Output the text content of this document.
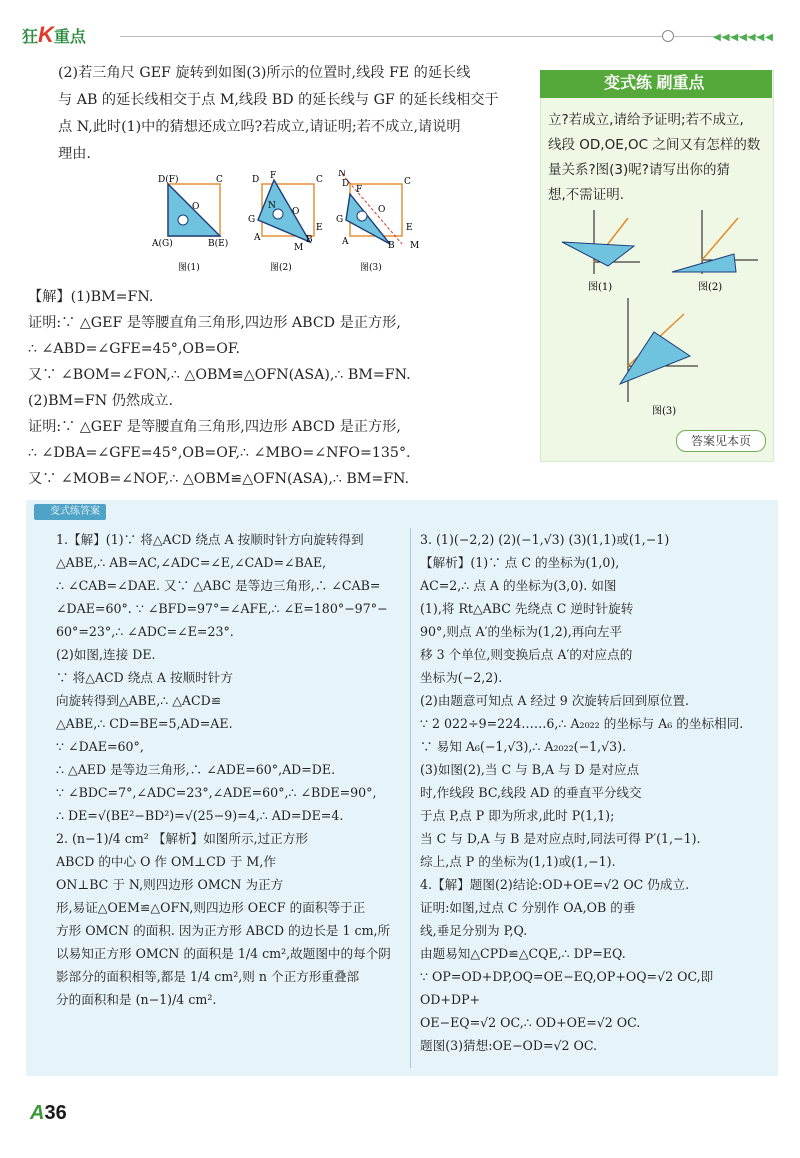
狂K重点	◀◀◀◀◀◀◀

(2)若三角尺 GEF 旋转到如图(3)所示的位置时,线段 FE 的延长线

与 AB 的延长线相交于点 M,线段 BD 的延长线与 GF 的延长线相交于

点 N,此时(1)中的猜想还成立吗?若成立,请证明;若不成立,请说明

理由.

D(F)	C
O
A(G)	B(E)
图(1)
F
G
N
O
A	B
E
M
D	C
图(2)
N
D	C
F
O
G
A	B
E
M
图(3)

【解】(1)BM=FN.

证明:∵ △GEF 是等腰直角三角形,四边形 ABCD 是正方形,

∴ ∠ABD=∠GFE=45°,OB=OF.

又∵ ∠BOM=∠FON,∴ △OBM≌△OFN(ASA),∴ BM=FN.

(2)BM=FN 仍然成立.

证明:∵ △GEF 是等腰直角三角形,四边形 ABCD 是正方形,

∴ ∠DBA=∠GFE=45°,OB=OF,∴ ∠MBO=∠NFO=135°.

又∵ ∠MOB=∠NOF,∴ △OBM≌△OFN(ASA),∴ BM=FN.

变式练 刷重点

立?若成立,请给予证明;若不成立,

线段 OD,OE,OC 之间又有怎样的数

量关系?图(3)呢?请写出你的猜

想,不需证明.

图(1)	图(2)
图(3)
答案见本页
变式练答案

1.【解】(1)∵ 将△ACD 绕点 A 按顺时针方向旋转得到

△ABE,∴ AB=AC,∠ADC=∠E,∠CAD=∠BAE,

∴ ∠CAB=∠DAE. 又∵ △ABC 是等边三角形,∴ ∠CAB=

∠DAE=60°. ∵ ∠BFD=97°=∠AFE,∴ ∠E=180°−97°−

60°=23°,∴ ∠ADC=∠E=23°.

(2)如图,连接 DE.

∵ 将△ACD 绕点 A 按顺时针方

向旋转得到△ABE,∴ △ACD≌

△ABE,∴ CD=BE=5,AD=AE.

∵ ∠DAE=60°,

∴ △AED 是等边三角形,∴ ∠ADE=60°,AD=DE.

∵ ∠BDC=7°,∠ADC=23°,∠ADE=60°,∴ ∠BDE=90°,

∴ DE=√(BE²−BD²)=√(25−9)=4,∴ AD=DE=4.

2. (n−1)/4 cm² 【解析】如图所示,过正方形

ABCD 的中心 O 作 OM⊥CD 于 M,作

ON⊥BC 于 N,则四边形 OMCN 为正方

形,易证△OEM≌△OFN,则四边形 OECF 的面积等于正

方形 OMCN 的面积. 因为正方形 ABCD 的边长是 1 cm,所

以易知正方形 OMCN 的面积是 1/4 cm²,故题图中的每个阴

影部分的面积相等,都是 1/4 cm²,则 n 个正方形重叠部

分的面积和是 (n−1)/4 cm².

3. (1)(−2,2) (2)(−1,√3) (3)(1,1)或(1,−1)

【解析】(1)∵ 点 C 的坐标为(1,0),

AC=2,∴ 点 A 的坐标为(3,0). 如图

(1),将 Rt△ABC 先绕点 C 逆时针旋转

90°,则点 A′的坐标为(1,2),再向左平

移 3 个单位,则变换后点 A′的对应点的

坐标为(−2,2).

(2)由题意可知点 A 经过 9 次旋转后回到原位置.

∵ 2 022÷9=224……6,∴ A₂₀₂₂ 的坐标与 A₆ 的坐标相同.

∵ 易知 A₆(−1,√3),∴ A₂₀₂₂(−1,√3).

(3)如图(2),当 C 与 B,A 与 D 是对应点

时,作线段 BC,线段 AD 的垂直平分线交

于点 P,点 P 即为所求,此时 P(1,1);

当 C 与 D,A 与 B 是对应点时,同法可得 P′(1,−1).

综上,点 P 的坐标为(1,1)或(1,−1).

4.【解】题图(2)结论:OD+OE=√2 OC 仍成立.

证明:如图,过点 C 分别作 OA,OB 的垂

线,垂足分别为 P,Q.

由题易知△CPD≌△CQE,∴ DP=EQ.

∵ OP=OD+DP,OQ=OE−EQ,OP+OQ=√2 OC,即 OD+DP+

OE−EQ=√2 OC,∴ OD+OE=√2 OC.

题图(3)猜想:OE−OD=√2 OC.

A36
